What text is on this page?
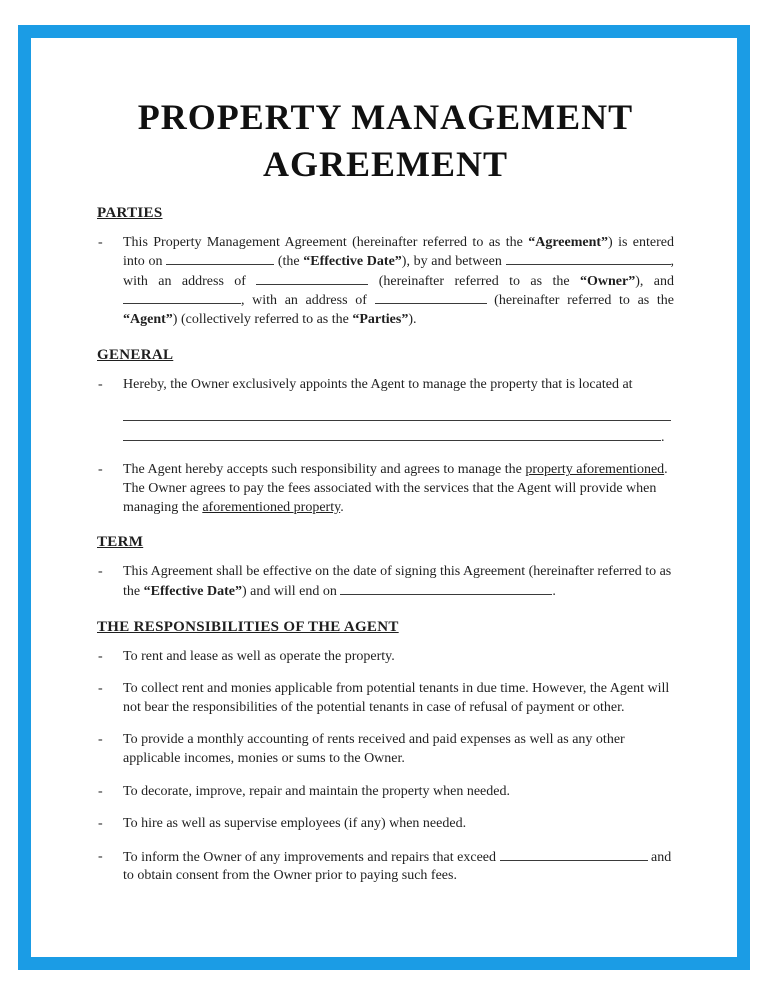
PROPERTY MANAGEMENT
AGREEMENT
PARTIES
- This Property Management Agreement (hereinafter referred to as the “Agreement”) is entered into on	(the “Effective Date”), by and between	, with an address of	(hereinafter referred to as the “Owner”), and , with an address of	(hereinafter referred to as the “Agent”) (collectively referred to as the “Parties”).
GENERAL
- Hereby, the Owner exclusively appoints the Agent to manage the property that is located at

.
- The Agent hereby accepts such responsibility and agrees to manage the property aforementioned.
The Owner agrees to pay the fees associated with the services that the Agent will provide when managing the aforementioned property.
TERM
- This Agreement shall be effective on the date of signing this Agreement (hereinafter referred to as the “Effective Date”) and will end on	.
THE RESPONSIBILITIES OF THE AGENT
- To rent and lease as well as operate the property.
- To collect rent and monies applicable from potential tenants in due time. However, the Agent will not bear the responsibilities of the potential tenants in case of refusal of payment or other.
- To provide a monthly accounting of rents received and paid expenses as well as any other applicable incomes, monies or sums to the Owner.
- To decorate, improve, repair and maintain the property when needed.
- To hire as well as supervise employees (if any) when needed.
- To inform the Owner of any improvements and repairs that exceed	and to obtain consent from the Owner prior to paying such fees.
